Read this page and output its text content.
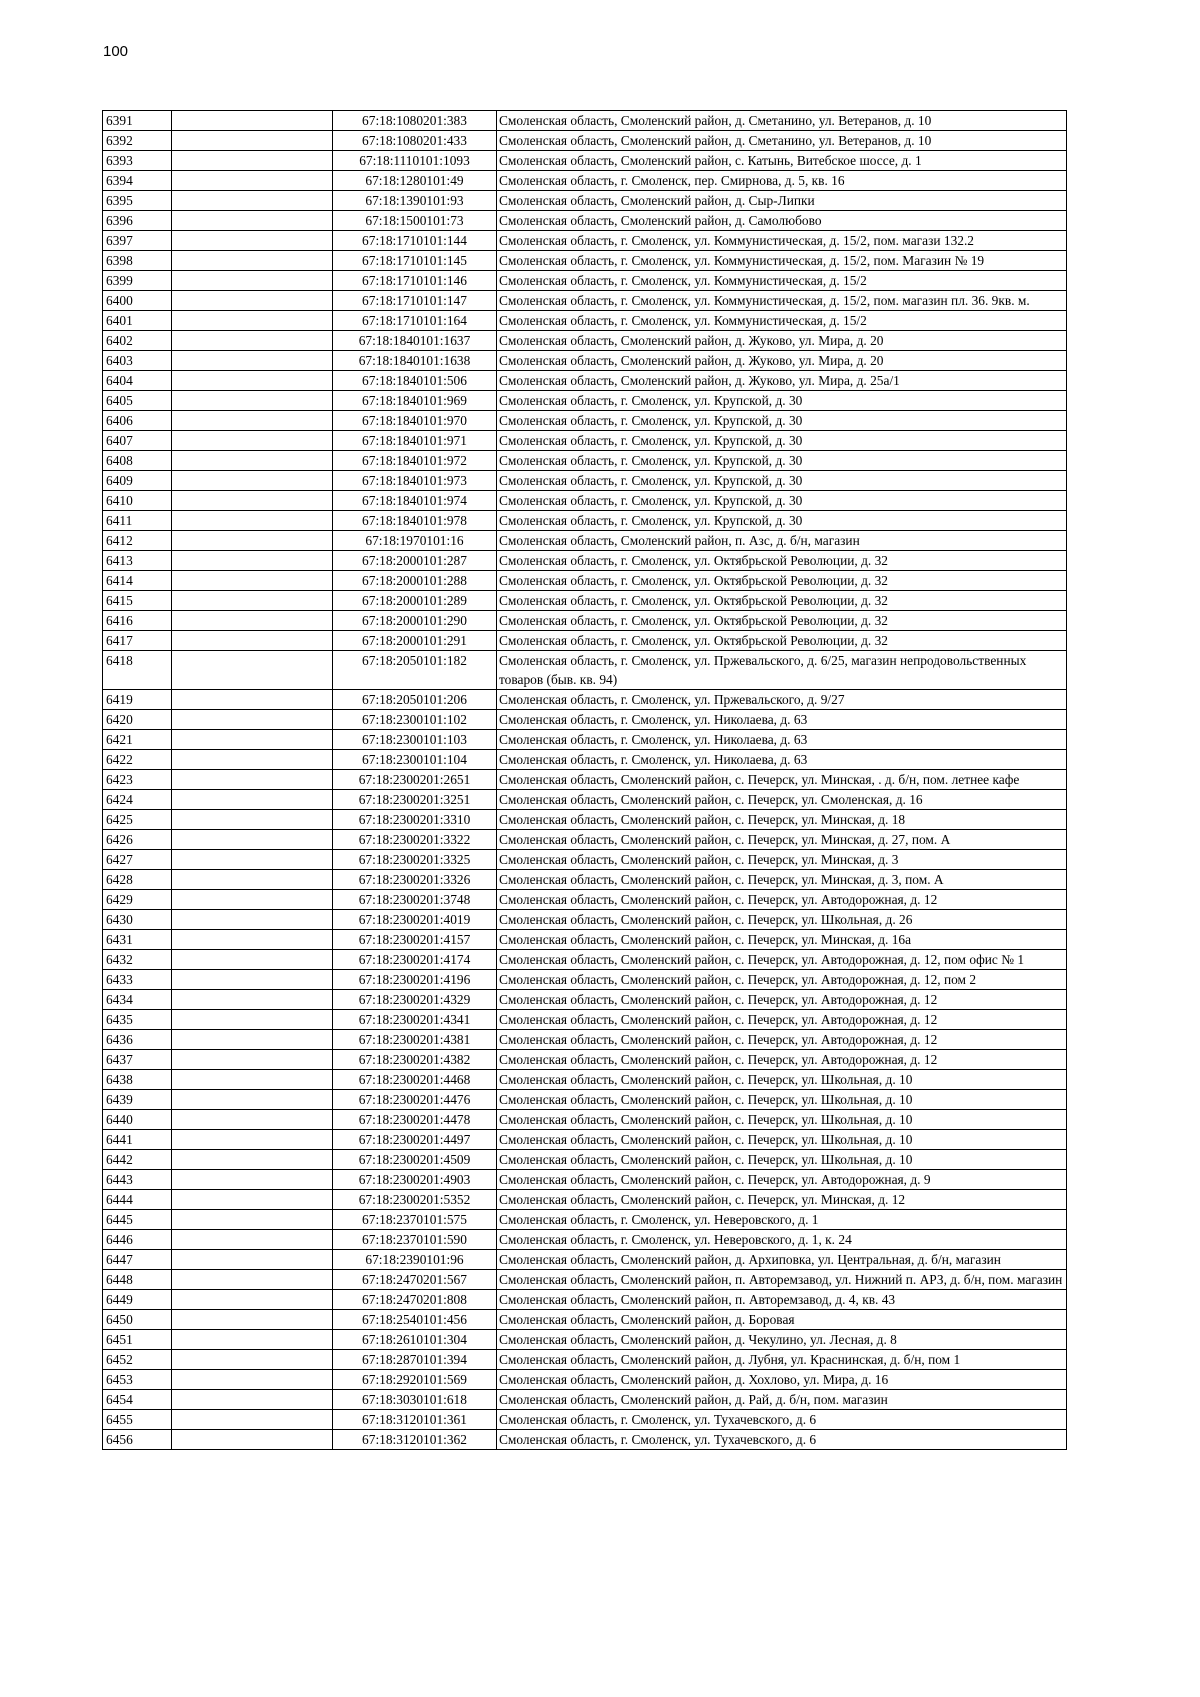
100
6391		67:18:1080201:383	Смоленская область, Смоленский район, д. Сметанино, ул. Ветеранов, д. 10
6392		67:18:1080201:433	Смоленская область, Смоленский район, д. Сметанино, ул. Ветеранов, д. 10
6393		67:18:1110101:1093	Смоленская область, Смоленский район, с. Катынь, Витебское шоссе, д. 1
6394		67:18:1280101:49	Смоленская область, г. Смоленск, пер. Смирнова, д. 5, кв. 16
6395		67:18:1390101:93	Смоленская область, Смоленский район, д. Сыр-Липки
6396		67:18:1500101:73	Смоленская область, Смоленский район, д. Самолюбово
6397		67:18:1710101:144	Смоленская область, г. Смоленск, ул. Коммунистическая, д. 15/2, пом. магази 132.2
6398		67:18:1710101:145	Смоленская область, г. Смоленск, ул. Коммунистическая, д. 15/2, пом. Магазин № 19
6399		67:18:1710101:146	Смоленская область, г. Смоленск, ул. Коммунистическая, д. 15/2
6400		67:18:1710101:147	Смоленская область, г. Смоленск, ул. Коммунистическая, д. 15/2, пом. магазин пл. 36. 9кв. м.
6401		67:18:1710101:164	Смоленская область, г. Смоленск, ул. Коммунистическая, д. 15/2
6402		67:18:1840101:1637	Смоленская область, Смоленский район, д. Жуково, ул. Мира, д. 20
6403		67:18:1840101:1638	Смоленская область, Смоленский район, д. Жуково, ул. Мира, д. 20
6404		67:18:1840101:506	Смоленская область, Смоленский район, д. Жуково, ул. Мира, д. 25а/1
6405		67:18:1840101:969	Смоленская область, г. Смоленск, ул. Крупской, д. 30
6406		67:18:1840101:970	Смоленская область, г. Смоленск, ул. Крупской, д. 30
6407		67:18:1840101:971	Смоленская область, г. Смоленск, ул. Крупской, д. 30
6408		67:18:1840101:972	Смоленская область, г. Смоленск, ул. Крупской, д. 30
6409		67:18:1840101:973	Смоленская область, г. Смоленск, ул. Крупской, д. 30
6410		67:18:1840101:974	Смоленская область, г. Смоленск, ул. Крупской, д. 30
6411		67:18:1840101:978	Смоленская область, г. Смоленск, ул. Крупской, д. 30
6412		67:18:1970101:16	Смоленская область, Смоленский район, п. Азс, д. б/н, магазин
6413		67:18:2000101:287	Смоленская область, г. Смоленск, ул. Октябрьской Революции, д. 32
6414		67:18:2000101:288	Смоленская область, г. Смоленск, ул. Октябрьской Революции, д. 32
6415		67:18:2000101:289	Смоленская область, г. Смоленск, ул. Октябрьской Революции, д. 32
6416		67:18:2000101:290	Смоленская область, г. Смоленск, ул. Октябрьской Революции, д. 32
6417		67:18:2000101:291	Смоленская область, г. Смоленск, ул. Октябрьской Революции, д. 32
6418		67:18:2050101:182	Смоленская область, г. Смоленск, ул. Пржевальского, д. 6/25, магазин непродовольственных товаров (быв. кв. 94)
6419		67:18:2050101:206	Смоленская область, г. Смоленск, ул. Пржевальского, д. 9/27
6420		67:18:2300101:102	Смоленская область, г. Смоленск, ул. Николаева, д. 63
6421		67:18:2300101:103	Смоленская область, г. Смоленск, ул. Николаева, д. 63
6422		67:18:2300101:104	Смоленская область, г. Смоленск, ул. Николаева, д. 63
6423		67:18:2300201:2651	Смоленская область, Смоленский район, с. Печерск, ул. Минская, . д. б/н, пом. летнее кафе
6424		67:18:2300201:3251	Смоленская область, Смоленский район, с. Печерск, ул. Смоленская, д. 16
6425		67:18:2300201:3310	Смоленская область, Смоленский район, с. Печерск, ул. Минская, д. 18
6426		67:18:2300201:3322	Смоленская область, Смоленский район, с. Печерск, ул. Минская, д. 27, пом. А
6427		67:18:2300201:3325	Смоленская область, Смоленский район, с. Печерск, ул. Минская, д. 3
6428		67:18:2300201:3326	Смоленская область, Смоленский район, с. Печерск, ул. Минская, д. 3, пом. А
6429		67:18:2300201:3748	Смоленская область, Смоленский район, с. Печерск, ул. Автодорожная, д. 12
6430		67:18:2300201:4019	Смоленская область, Смоленский район, с. Печерск, ул. Школьная, д. 26
6431		67:18:2300201:4157	Смоленская область, Смоленский район, с. Печерск, ул. Минская, д. 16а
6432		67:18:2300201:4174	Смоленская область, Смоленский район, с. Печерск, ул. Автодорожная, д. 12, пом офис № 1
6433		67:18:2300201:4196	Смоленская область, Смоленский район, с. Печерск, ул. Автодорожная, д. 12, пом 2
6434		67:18:2300201:4329	Смоленская область, Смоленский район, с. Печерск, ул. Автодорожная, д. 12
6435		67:18:2300201:4341	Смоленская область, Смоленский район, с. Печерск, ул. Автодорожная, д. 12
6436		67:18:2300201:4381	Смоленская область, Смоленский район, с. Печерск, ул. Автодорожная, д. 12
6437		67:18:2300201:4382	Смоленская область, Смоленский район, с. Печерск, ул. Автодорожная, д. 12
6438		67:18:2300201:4468	Смоленская область, Смоленский район, с. Печерск, ул. Школьная, д. 10
6439		67:18:2300201:4476	Смоленская область, Смоленский район, с. Печерск, ул. Школьная, д. 10
6440		67:18:2300201:4478	Смоленская область, Смоленский район, с. Печерск, ул. Школьная, д. 10
6441		67:18:2300201:4497	Смоленская область, Смоленский район, с. Печерск, ул. Школьная, д. 10
6442		67:18:2300201:4509	Смоленская область, Смоленский район, с. Печерск, ул. Школьная, д. 10
6443		67:18:2300201:4903	Смоленская область, Смоленский район, с. Печерск, ул. Автодорожная, д. 9
6444		67:18:2300201:5352	Смоленская область, Смоленский район, с. Печерск, ул. Минская, д. 12
6445		67:18:2370101:575	Смоленская область, г. Смоленск, ул. Неверовского, д. 1
6446		67:18:2370101:590	Смоленская область, г. Смоленск, ул. Неверовского, д. 1, к. 24
6447		67:18:2390101:96	Смоленская область, Смоленский район, д. Архиповка, ул. Центральная, д. б/н, магазин
6448		67:18:2470201:567	Смоленская область, Смоленский район, п. Авторемзавод, ул. Нижний п. АРЗ, д. б/н, пом. магазин
6449		67:18:2470201:808	Смоленская область, Смоленский район, п. Авторемзавод, д. 4, кв. 43
6450		67:18:2540101:456	Смоленская область, Смоленский район, д. Боровая
6451		67:18:2610101:304	Смоленская область, Смоленский район, д. Чекулино, ул. Лесная, д. 8
6452		67:18:2870101:394	Смоленская область, Смоленский район, д. Лубня, ул. Краснинская, д. б/н, пом 1
6453		67:18:2920101:569	Смоленская область, Смоленский район, д. Хохлово, ул. Мира, д. 16
6454		67:18:3030101:618	Смоленская область, Смоленский район, д. Рай, д. б/н, пом. магазин
6455		67:18:3120101:361	Смоленская область, г. Смоленск, ул. Тухачевского, д. 6
6456		67:18:3120101:362	Смоленская область, г. Смоленск, ул. Тухачевского, д. 6
